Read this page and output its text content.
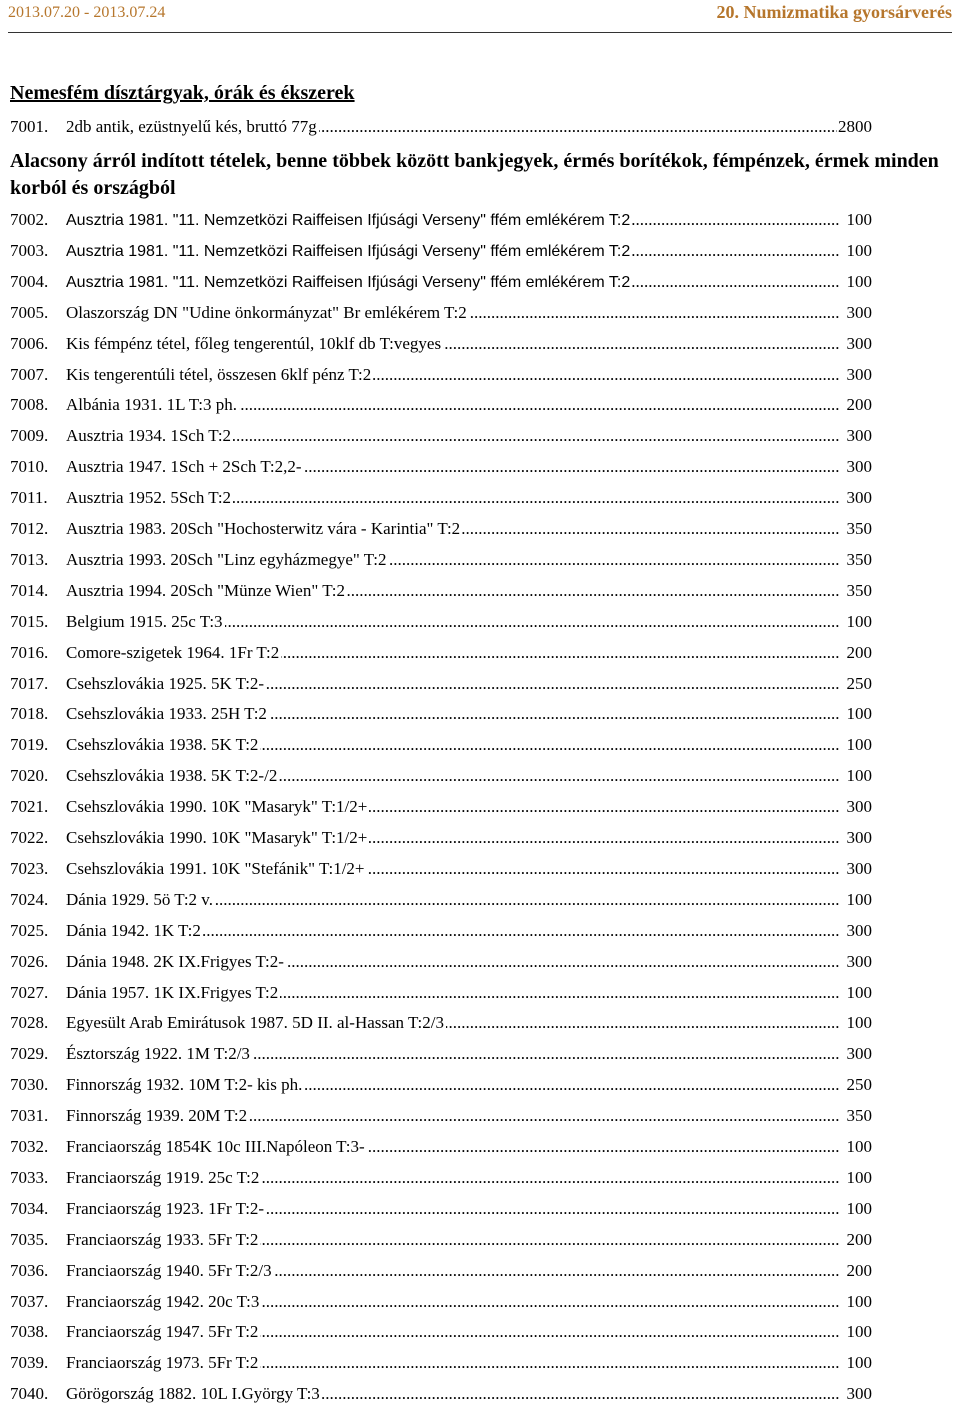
2013.07.20 - 2013.07.24	20. Numizmatika gyorsárverés
Nemesfém dísztárgyak, órák és ékszerek
7001.	2db antik, ezüstnyelű kés, bruttó 77g .....	2800
Alacsony árról indított tételek, benne többek között bankjegyek, érmés borítékok, fémpénzek, érmek minden korból és országból
7002.	Ausztria 1981. "11. Nemzetközi Raiffeisen Ifjúsági Verseny" ffém emlékérem T:2 .....	100
7003.	Ausztria 1981. "11. Nemzetközi Raiffeisen Ifjúsági Verseny" ffém emlékérem T:2 .....	100
7004.	Ausztria 1981. "11. Nemzetközi Raiffeisen Ifjúsági Verseny" ffém emlékérem T:2 .....	100
7005.	Olaszország DN "Udine önkormányzat" Br emlékérem T:2 .....	300
7006.	Kis fémpénz tétel, főleg tengerentúl, 10klf db T:vegyes .....	300
7007.	Kis tengerentúli tétel, összesen 6klf pénz T:2 .....	300
7008.	Albánia 1931. 1L T:3 ph. .....	200
7009.	Ausztria 1934. 1Sch T:2 .....	300
7010.	Ausztria 1947. 1Sch + 2Sch T:2,2- .....	300
7011.	Ausztria 1952. 5Sch T:2 .....	300
7012.	Ausztria 1983. 20Sch "Hochosterwitz vára - Karintia" T:2 .....	350
7013.	Ausztria 1993. 20Sch "Linz egyházmegye" T:2 .....	350
7014.	Ausztria 1994. 20Sch "Münze Wien" T:2 .....	350
7015.	Belgium 1915. 25c T:3 .....	100
7016.	Comore-szigetek 1964. 1Fr T:2 .....	200
7017.	Csehszlovákia 1925. 5K T:2- .....	250
7018.	Csehszlovákia 1933. 25H T:2 .....	100
7019.	Csehszlovákia 1938. 5K T:2 .....	100
7020.	Csehszlovákia 1938. 5K T:2-/2 .....	100
7021.	Csehszlovákia 1990. 10K "Masaryk" T:1/2+ .....	300
7022.	Csehszlovákia 1990. 10K "Masaryk" T:1/2+ .....	300
7023.	Csehszlovákia 1991. 10K "Stefánik" T:1/2+ .....	300
7024.	Dánia 1929. 5ö T:2 v. .....	100
7025.	Dánia 1942. 1K T:2 .....	300
7026.	Dánia 1948. 2K IX.Frigyes T:2- .....	300
7027.	Dánia 1957. 1K IX.Frigyes T:2 .....	100
7028.	Egyesült Arab Emirátusok 1987. 5D II. al-Hassan T:2/3 .....	100
7029.	Észtország 1922. 1M T:2/3 .....	300
7030.	Finnország 1932. 10M T:2- kis ph. .....	250
7031.	Finnország 1939. 20M T:2 .....	350
7032.	Franciaország 1854K 10c III.Napóleon T:3- .....	100
7033.	Franciaország 1919. 25c T:2 .....	100
7034.	Franciaország 1923. 1Fr T:2- .....	100
7035.	Franciaország 1933. 5Fr T:2 .....	200
7036.	Franciaország 1940. 5Fr T:2/3 .....	200
7037.	Franciaország 1942. 20c T:3 .....	100
7038.	Franciaország 1947. 5Fr T:2 .....	100
7039.	Franciaország 1973. 5Fr T:2 .....	100
7040.	Görögország 1882. 10L I.György T:3 .....	300
